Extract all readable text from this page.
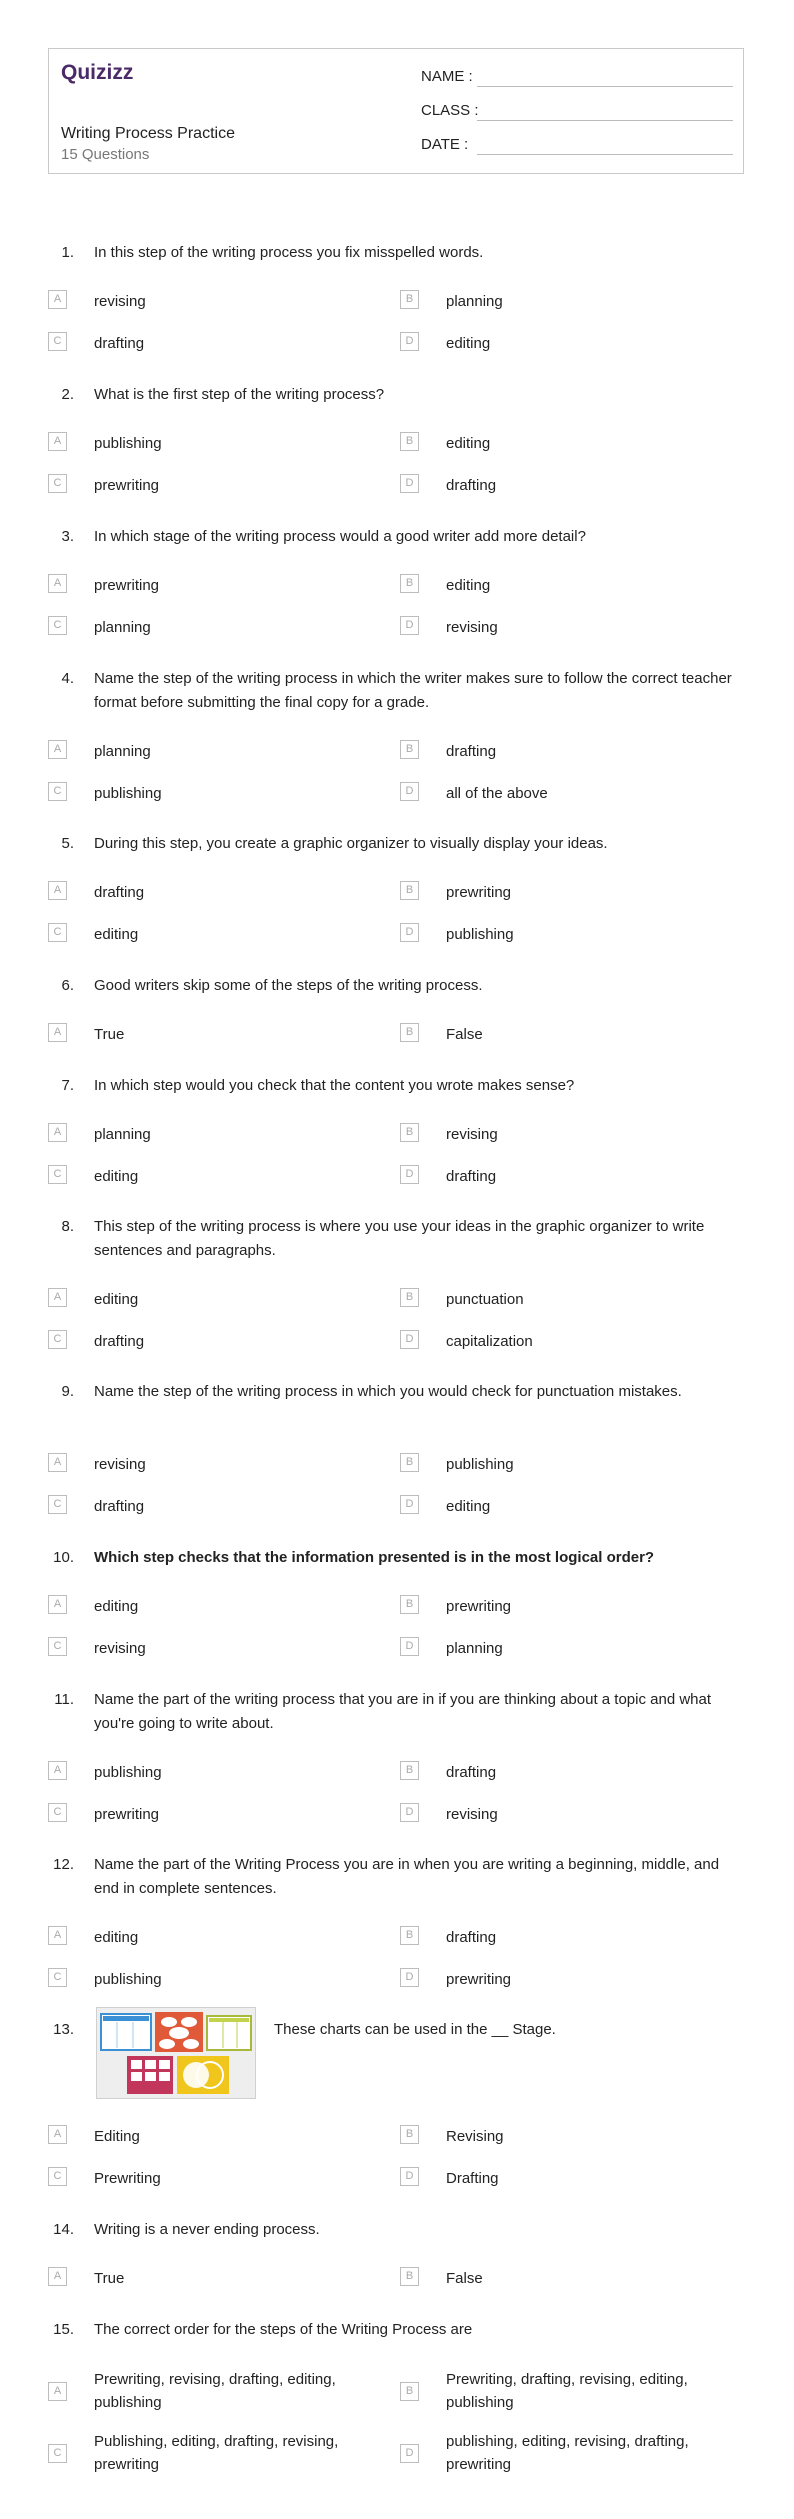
Quizizz
Writing Process Practice
15 Questions
NAME :
CLASS :
DATE :
1. In this step of the writing process you fix misspelled words.
A	revising	B	planning
C	drafting	D	editing
2. What is the first step of the writing process?
A	publishing	B	editing
C	prewriting	D	drafting
3. In which stage of the writing process would a good writer add more detail?
A	prewriting	B	editing
C	planning	D	revising
4. Name the step of the writing process in which the writer makes sure to follow the correct teacher format before submitting the final copy for a grade.
A	planning	B	drafting
C	publishing	D	all of the above
5. During this step, you create a graphic organizer to visually display your ideas.
A	drafting	B	prewriting
C	editing	D	publishing
6. Good writers skip some of the steps of the writing process.
A	True	B	False
7. In which step would you check that the content you wrote makes sense?
A	planning	B	revising
C	editing	D	drafting
8. This step of the writing process is where you use your ideas in the graphic organizer to write sentences and paragraphs.
A	editing	B	punctuation
C	drafting	D	capitalization
9. Name the step of the writing process in which you would check for punctuation mistakes.
A	revising	B	publishing
C	drafting	D	editing
10. Which step checks that the information presented is in the most logical order?
A	editing	B	prewriting
C	revising	D	planning
11. Name the part of the writing process that you are in if you are thinking about a topic and what you're going to write about.
A	publishing	B	drafting
C	prewriting	D	revising
12. Name the part of the Writing Process you are in when you are writing a beginning, middle, and end in complete sentences.
A	editing	B	drafting
C	publishing	D	prewriting
13.	These charts can be used in the __ Stage.
A	Editing	B	Revising
C	Prewriting	D	Drafting
14. Writing is a never ending process.
A	True	B	False
15. The correct order for the steps of the Writing Process are
A
Prewriting, revising, drafting, editing, publishing
B
Prewriting, drafting, revising, editing, publishing
C
Publishing, editing, drafting, revising, prewriting
D
publishing, editing, revising, drafting, prewriting
